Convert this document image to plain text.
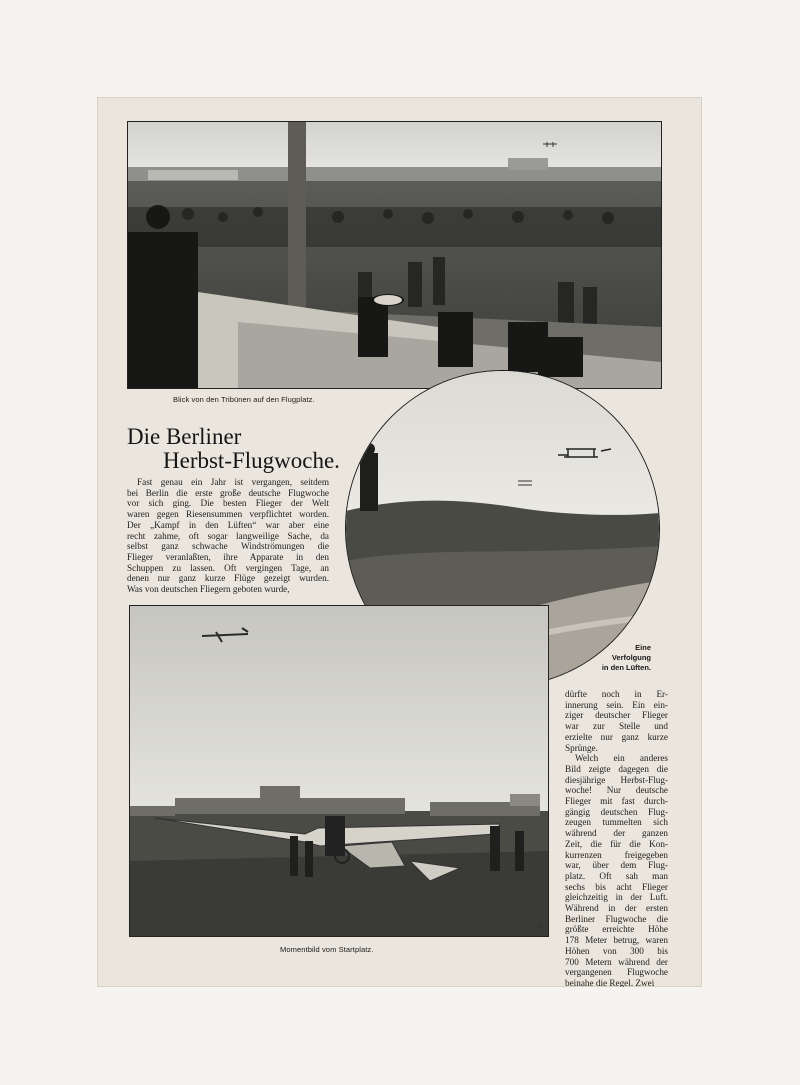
Blick von den Tribünen auf den Flugplatz.
Die Berliner
Herbst-Flugwoche.
Fast genau ein Jahr ist vergangen, seitdem
bei Berlin die erste große deutsche Flugwoche
vor sich ging. Die besten Flieger der Welt
waren gegen Riesensummen verpflichtet worden.
Der „Kampf in den Lüften“ war aber eine
recht zahme, oft sogar langweilige Sache, da
selbst ganz schwache Windströmungen die
Flieger veranlaßten, ihre Apparate in den
Schuppen zu lassen. Oft vergingen Tage, an
denen nur ganz kurze Flüge gezeigt wurden.
Was von deutschen Fliegern geboten wurde,
Eine
Verfolgung
in den Lüften.
Momentbild vom Startplatz.
dürfte noch in Er-
innerung sein. Ein ein-
ziger deutscher Flieger
war zur Stelle und
erzielte nur ganz kurze
Sprünge.
Welch ein anderes
Bild zeigte dagegen die
diesjährige Herbst-Flug-
woche! Nur deutsche
Flieger mit fast durch-
gängig deutschen Flug-
zeugen tummelten sich
während der ganzen
Zeit, die für die Kon-
kurrenzen freigegeben
war, über dem Flug-
platz. Oft sah man
sechs bis acht Flieger
gleichzeitig in der Luft.
Während in der ersten
Berliner Flugwoche die
größte erreichte Höhe
178 Meter betrug, waren
Höhen von 300 bis
700 Metern während der
vergangenen Flugwoche
beinahe die Regel. Zwei
8
